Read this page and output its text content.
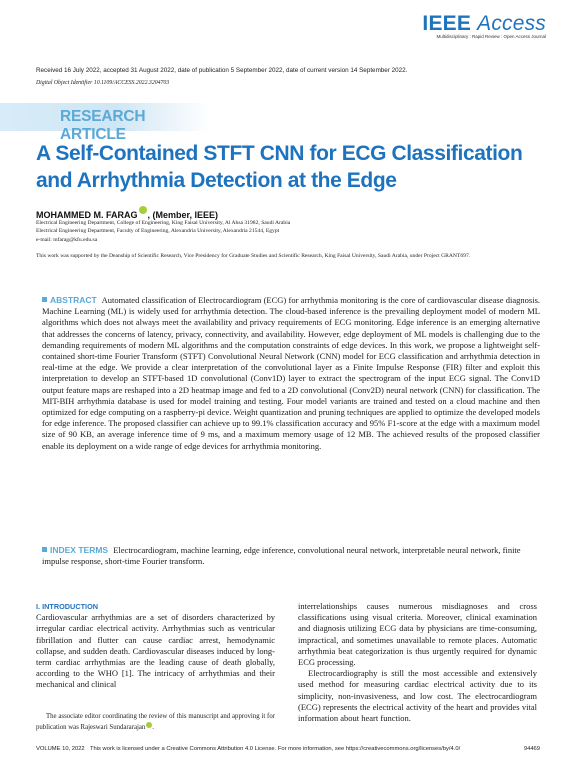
IEEE Access
Multidisciplinary : Rapid Review : Open Access Journal
Received 16 July 2022, accepted 31 August 2022, date of publication 5 September 2022, date of current version 14 September 2022.
Digital Object Identifier 10.1109/ACCESS.2022.3204703
RESEARCH ARTICLE
A Self-Contained STFT CNN for ECG Classification
and Arrhythmia Detection at the Edge
MOHAMMED M. FARAG , (Member, IEEE)
Electrical Engineering Department, College of Engineering, King Faisal University, Al Ahsa 31982, Saudi Arabia
Electrical Engineering Department, Faculty of Engineering, Alexandria University, Alexandria 21544, Egypt
e-mail: mfarag@kfu.edu.sa
This work was supported by the Deanship of Scientific Research, Vice Presidency for Graduate Studies and Scientific Research, King Faisal University, Saudi Arabia, under Project GRANT697.
ABSTRACT Automated classification of Electrocardiogram (ECG) for arrhythmia monitoring is the core of cardiovascular disease diagnosis. Machine Learning (ML) is widely used for arrhythmia detection. The cloud-based inference is the prevailing deployment model of modern ML algorithms which does not always meet the availability and privacy requirements of ECG monitoring. Edge inference is an emerging alternative that addresses the concerns of latency, privacy, connectivity, and availability. However, edge deployment of ML models is challenging due to the demanding requirements of modern ML algorithms and the computation constraints of edge devices. In this work, we propose a lightweight self-contained short-time Fourier Transform (STFT) Convolutional Neural Network (CNN) model for ECG classification and arrhythmia detection in real-time at the edge. We provide a clear interpretation of the convolutional layer as a Finite Impulse Response (FIR) filter and exploit this interpretation to develop an STFT-based 1D convolutional (Conv1D) layer to extract the spectrogram of the input ECG signal. The Conv1D output feature maps are reshaped into a 2D heatmap image and fed to a 2D convolutional (Conv2D) neural network (CNN) for classification. The MIT-BIH arrhythmia database is used for model training and testing. Four model variants are trained and tested on a cloud machine and then optimized for edge computing on a raspberry-pi device. Weight quantization and pruning techniques are applied to optimize the developed models for edge inference. The proposed classifier can achieve up to 99.1% classification accuracy and 95% F1-score at the edge with a maximum model size of 90 KB, an average inference time of 9 ms, and a maximum memory usage of 12 MB. The achieved results of the proposed classifier enable its deployment on a wide range of edge devices for arrhythmia monitoring.
INDEX TERMS Electrocardiogram, machine learning, edge inference, convolutional neural network, interpretable neural network, finite impulse response, short-time Fourier transform.
I. INTRODUCTION

Cardiovascular arrhythmias are a set of disorders characterized by irregular cardiac electrical activity. Arrhythmias such as ventricular fibrillation and flutter can cause cardiac arrest, hemodynamic collapse, and sudden death. Cardiovascular diseases induced by long-term cardiac arrhythmias are the leading cause of death globally, according to the WHO [1]. The intricacy of arrhythmias and their mechanical and clinical

interrelationships causes numerous misdiagnoses and cross classifications using visual criteria. Moreover, clinical examination and diagnosis utilizing ECG data by physicians are time-consuming, impractical, and sometimes unavailable to remote places. Automatic arrhythmia beat categorization is thus urgently required for dynamic ECG processing.

Electrocardiography is still the most accessible and extensively used method for measuring cardiac electrical activity due to its simplicity, non-invasiveness, and low cost. The electrocardiogram (ECG) represents the electrical activity of the heart and provides vital information about heart function.

The associate editor coordinating the review of this manuscript and approving it for publication was Rajeswari Sundararajan .
VOLUME 10, 2022 This work is licensed under a Creative Commons Attribution 4.0 License. For more information, see https://creativecommons.org/licenses/by/4.0/	94469
